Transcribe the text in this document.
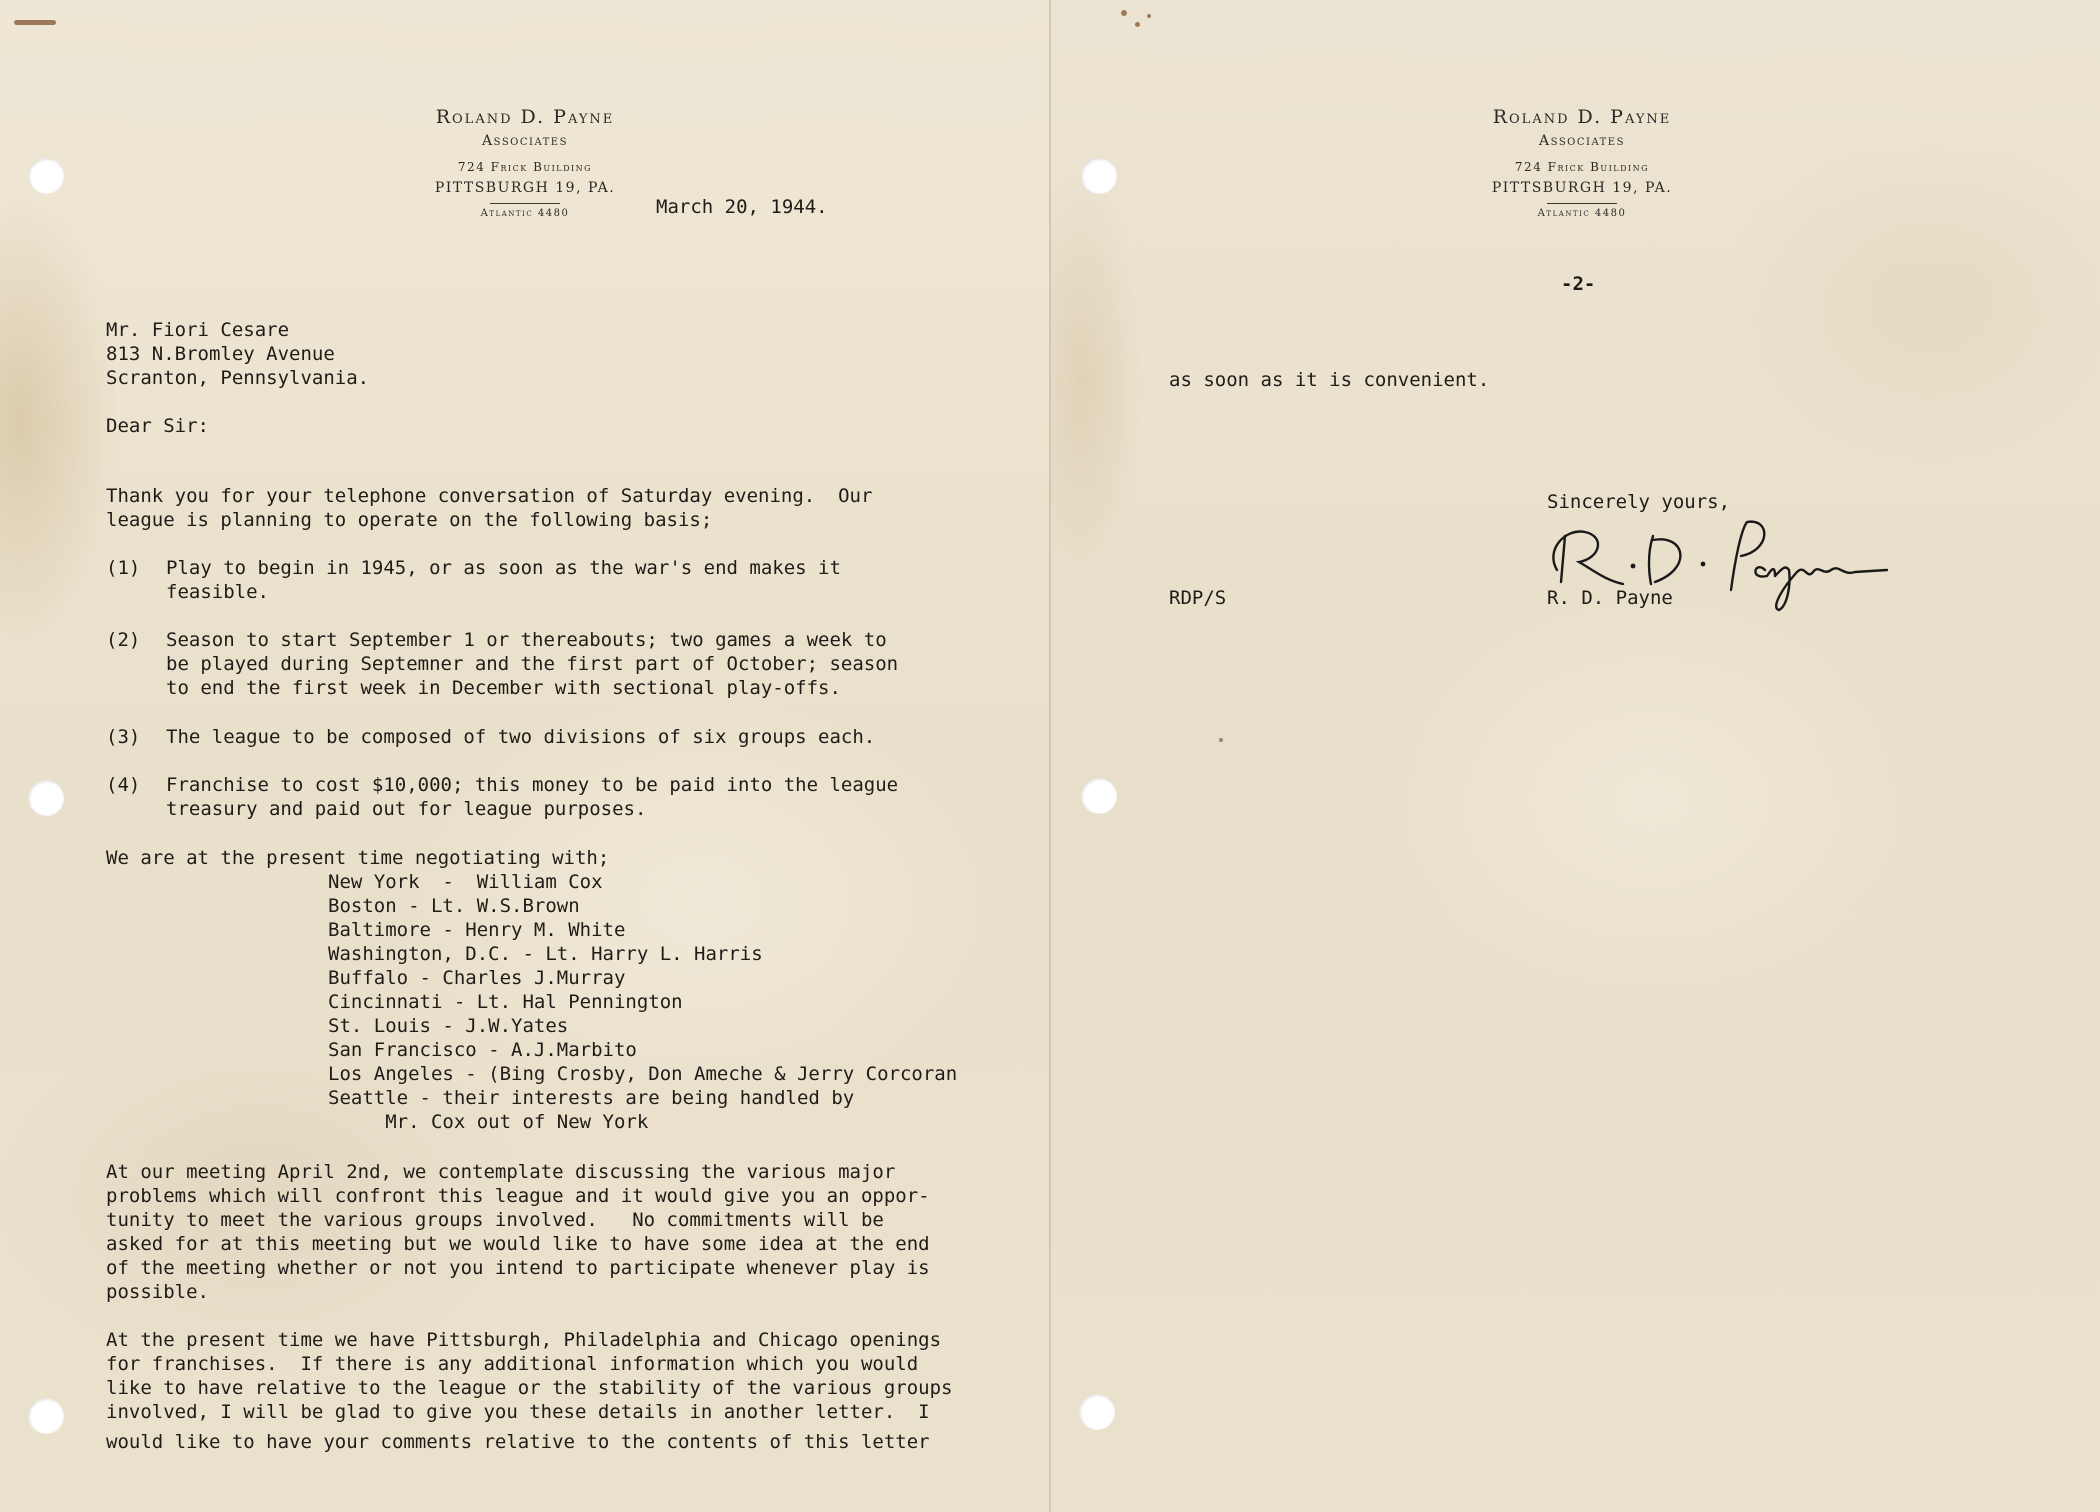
Roland D. Payne
Associates
724 Frick Building
PITTSBURGH 19, PA.
Atlantic 4480	March 20, 1944.
Mr. Fiori Cesare
813 N.Bromley Avenue
Scranton, Pennsylvania.
Dear Sir:
Thank you for your telephone conversation of Saturday evening.  Our
league is planning to operate on the following basis;
(1) Play to begin in 1945, or as soon as the war's end makes it
feasible.
(2) Season to start September 1 or thereabouts; two games a week to
be played during Septemner and the first part of October; season
to end the first week in December with sectional play-offs.
(3) The league to be composed of two divisions of six groups each.
(4) Franchise to cost $10,000; this money to be paid into the league
treasury and paid out for league purposes.
We are at the present time negotiating with;
New York  -  William Cox
Boston - Lt. W.S.Brown
Baltimore - Henry M. White
Washington, D.C. - Lt. Harry L. Harris
Buffalo - Charles J.Murray
Cincinnati - Lt. Hal Pennington
St. Louis - J.W.Yates
San Francisco - A.J.Marbito
Los Angeles - (Bing Crosby, Don Ameche & Jerry Corcoran
Seattle - their interests are being handled by
Mr. Cox out of New York
At our meeting April 2nd, we contemplate discussing the various major
problems which will confront this league and it would give you an oppor-
tunity to meet the various groups involved.   No commitments will be
asked for at this meeting but we would like to have some idea at the end
of the meeting whether or not you intend to participate whenever play is
possible.
At the present time we have Pittsburgh, Philadelphia and Chicago openings
for franchises.  If there is any additional information which you would
like to have relative to the league or the stability of the various groups
involved, I will be glad to give you these details in another letter.  I
would like to have your comments relative to the contents of this letter
Roland D. Payne
Associates
724 Frick Building
PITTSBURGH 19, PA.
Atlantic 4480
-2-
as soon as it is convenient.
Sincerely yours,
RDP/S	R. D. Payne
